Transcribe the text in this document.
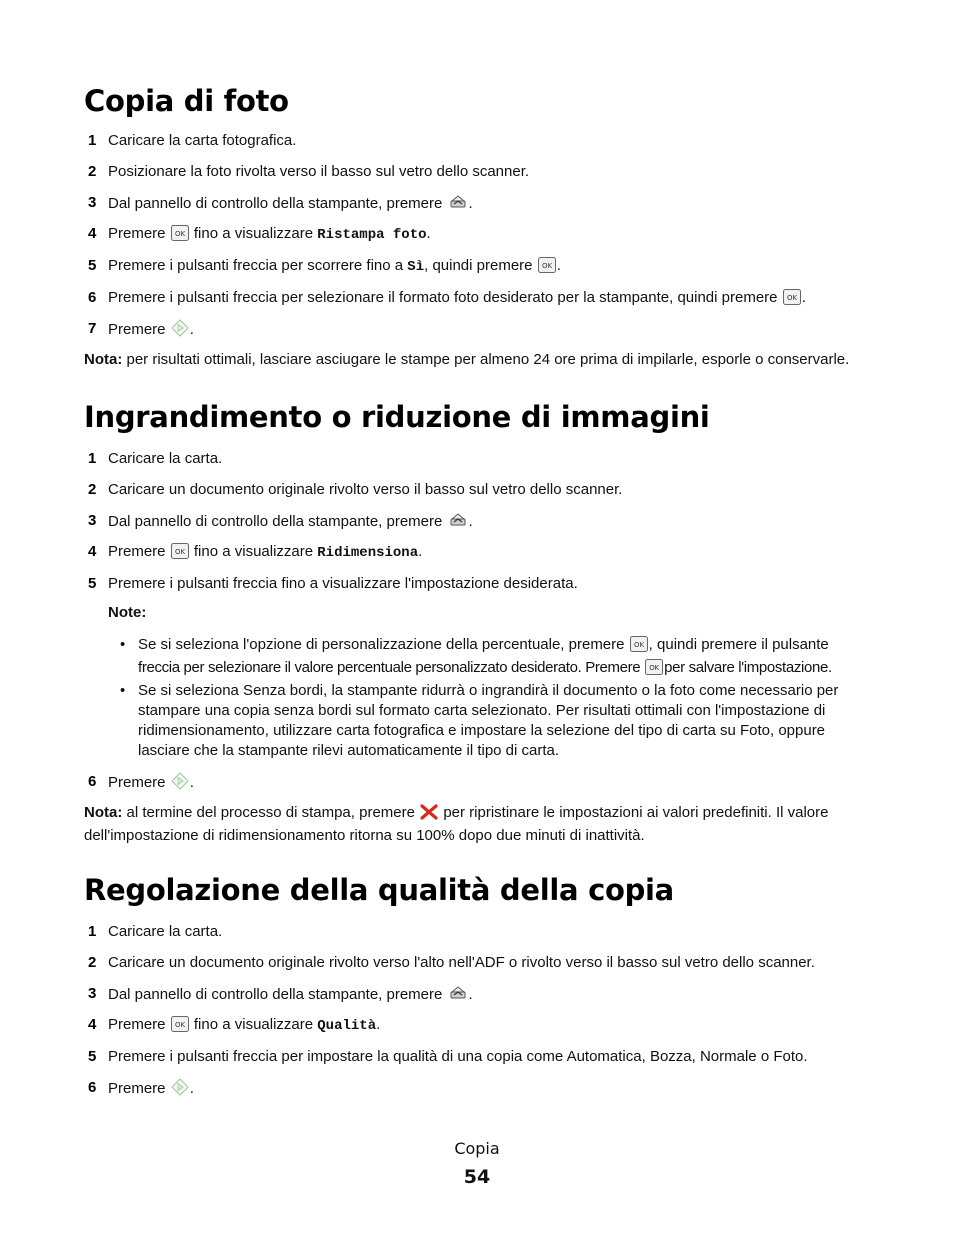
Copia di foto
1 Caricare la carta fotografica.
2 Posizionare la foto rivolta verso il basso sul vetro dello scanner.
3 Dal pannello di controllo della stampante, premere .
4 Premere OK fino a visualizzare Ristampa foto.
5 Premere i pulsanti freccia per scorrere fino a Sì, quindi premere OK .
6 Premere i pulsanti freccia per selezionare il formato foto desiderato per la stampante, quindi premere OK .
7 Premere .
Nota: per risultati ottimali, lasciare asciugare le stampe per almeno 24 ore prima di impilarle, esporle o conservarle.
Ingrandimento o riduzione di immagini
1 Caricare la carta.
2 Caricare un documento originale rivolto verso il basso sul vetro dello scanner.
3 Dal pannello di controllo della stampante, premere .
4 Premere OK fino a visualizzare Ridimensiona.
5 Premere i pulsanti freccia fino a visualizzare l'impostazione desiderata.
Note:
• Se si seleziona l'opzione di personalizzazione della percentuale, premere OK , quindi premere il pulsante
freccia per selezionare il valore percentuale personalizzato desiderato. Premere OK per salvare l'impostazione.
• Se si seleziona Senza bordi, la stampante ridurrà o ingrandirà il documento o la foto come necessario per stampare una copia senza bordi sul formato carta selezionato. Per risultati ottimali con l'impostazione di ridimensionamento, utilizzare carta fotografica e impostare la selezione del tipo di carta su Foto, oppure lasciare che la stampante rilevi automaticamente il tipo di carta.
6 Premere .
Nota: al termine del processo di stampa, premere per ripristinare le impostazioni ai valori predefiniti. Il valore dell'impostazione di ridimensionamento ritorna su 100% dopo due minuti di inattività.
Regolazione della qualità della copia
1 Caricare la carta.
2 Caricare un documento originale rivolto verso l'alto nell'ADF o rivolto verso il basso sul vetro dello scanner.
3 Dal pannello di controllo della stampante, premere .
4 Premere OK fino a visualizzare Qualità.
5 Premere i pulsanti freccia per impostare la qualità di una copia come Automatica, Bozza, Normale o Foto.
6 Premere .
Copia
54
